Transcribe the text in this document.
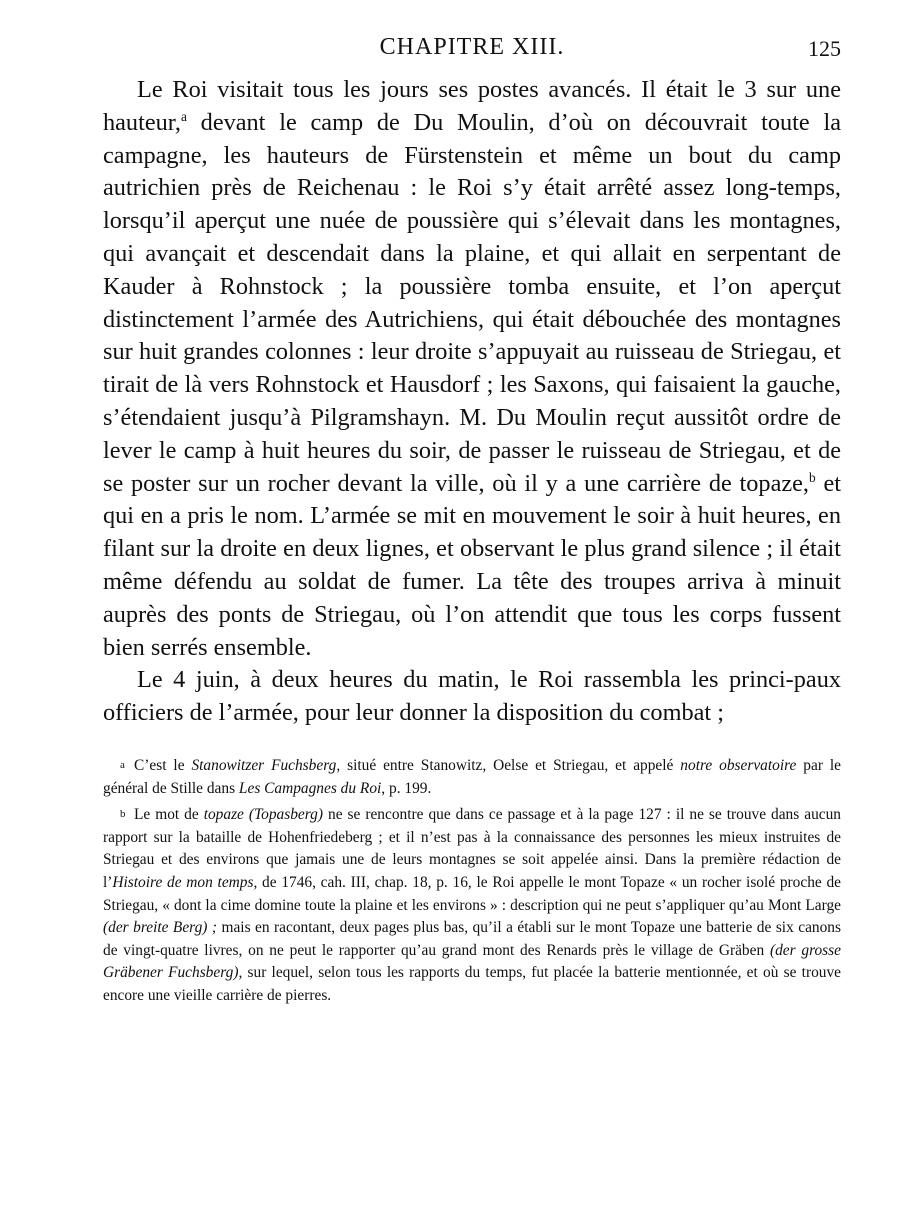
CHAPITRE XIII.	125

Le Roi visitait tous les jours ses postes avancés. Il était le 3 sur une hauteur,$^a$ devant le camp de Du Moulin, d’où on découvrait toute la campagne, les hauteurs de Fürstenstein et même un bout du camp autrichien près de Reichenau : le Roi s’y était arrêté assez long-temps, lorsqu’il aperçut une nuée de poussière qui s’élevait dans les montagnes, qui avançait et descendait dans la plaine, et qui allait en serpentant de Kauder à Rohnstock ; la poussière tomba ensuite, et l’on aperçut distinctement l’armée des Autrichiens, qui était débouchée des montagnes sur huit grandes colonnes : leur droite s’appuyait au ruisseau de Striegau, et tirait de là vers Rohnstock et Hausdorf ; les Saxons, qui faisaient la gauche, s’étendaient jusqu’à Pilgramshayn. M. Du Moulin reçut aussitôt ordre de lever le camp à huit heures du soir, de passer le ruisseau de Striegau, et de se poster sur un rocher devant la ville, où il y a une carrière de topaze,$^b$ et qui en a pris le nom. L’armée se mit en mouvement le soir à huit heures, en filant sur la droite en deux lignes, et observant le plus grand silence ; il était même défendu au soldat de fumer. La tête des troupes arriva à minuit auprès des ponts de Striegau, où l’on attendit que tous les corps fussent bien serrés ensemble.

Le 4 juin, à deux heures du matin, le Roi rassembla les princi-paux officiers de l’armée, pour leur donner la disposition du combat ;

a C’est le Stanowitzer Fuchsberg, situé entre Stanowitz, Oelse et Striegau, et appelé notre observatoire par le général de Stille dans Les Campagnes du Roi, p. 199.

b Le mot de topaze (Topasberg) ne se rencontre que dans ce passage et à la page 127 : il ne se trouve dans aucun rapport sur la bataille de Hohenfriedeberg ; et il n’est pas à la connaissance des personnes les mieux instruites de Striegau et des environs que jamais une de leurs montagnes se soit appelée ainsi. Dans la première rédaction de l’Histoire de mon temps, de 1746, cah. III, chap. 18, p. 16, le Roi appelle le mont Topaze « un rocher isolé proche de Striegau, « dont la cime domine toute la plaine et les environs » : description qui ne peut s’appliquer qu’au Mont Large (der breite Berg) ; mais en racontant, deux pages plus bas, qu’il a établi sur le mont Topaze une batterie de six canons de vingt-quatre livres, on ne peut le rapporter qu’au grand mont des Renards près le village de Gräben (der grosse Gräbener Fuchsberg), sur lequel, selon tous les rapports du temps, fut placée la batterie mentionnée, et où se trouve encore une vieille carrière de pierres.
